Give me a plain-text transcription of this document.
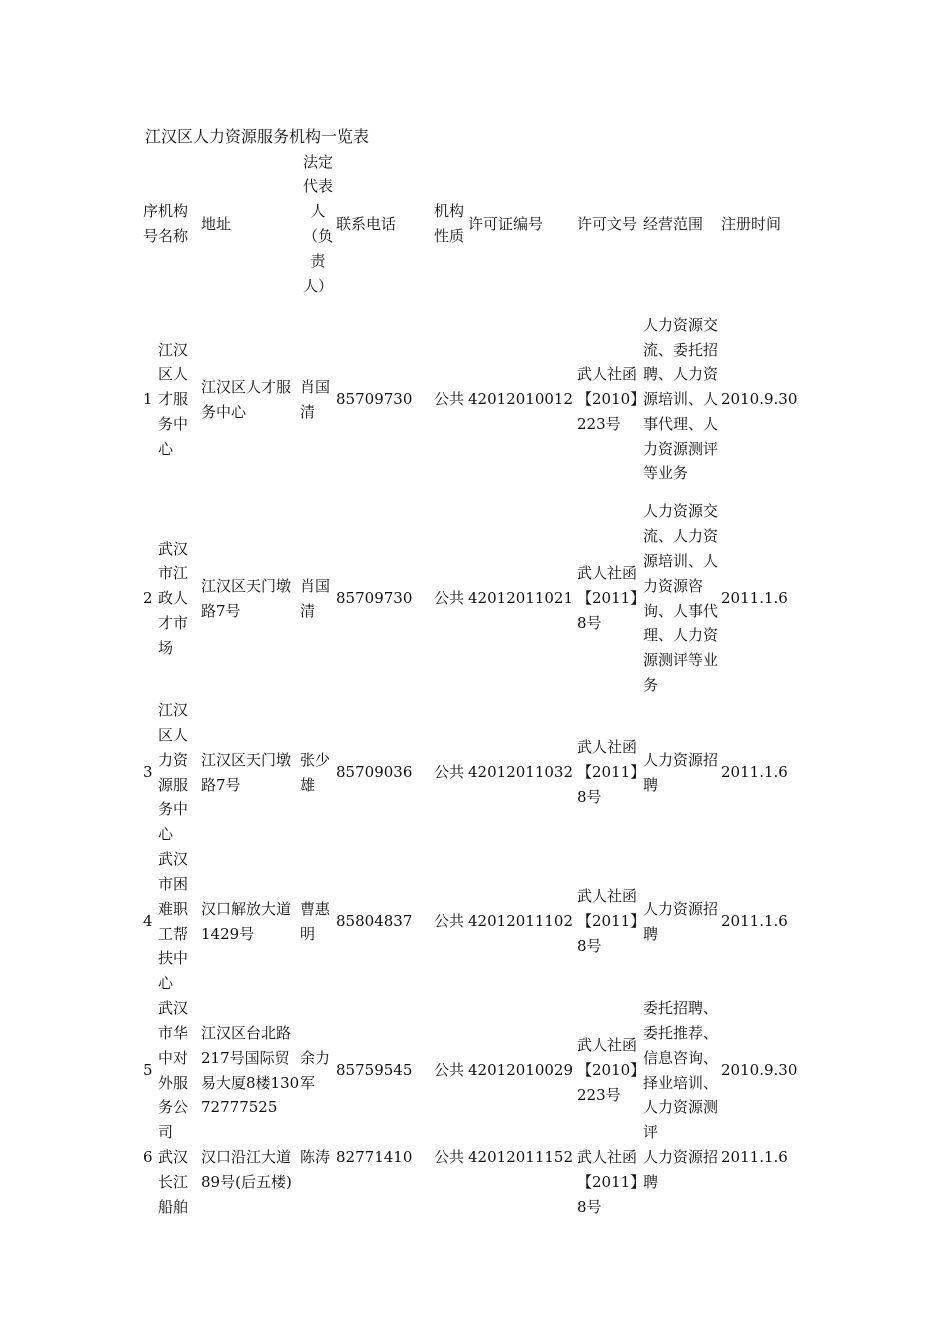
江汉区人力资源服务机构一览表
序号	机构名称	地址	法定代表人（负责人）	联系电话	机构性质	许可证编号	许可文号	经营范围	注册时间
1	江汉区人才服务中心	江汉区人才服务中心	肖国清	85709730	公共	42012010012	武人社函【2010】223号	人力资源交流、委托招聘、人力资源培训、人事代理、人力资源测评等业务	2010.9.30
2	武汉市江政人才市场	江汉区天门墩路7号	肖国清	85709730	公共	42012011021	武人社函【2011】8号	人力资源交流、人力资源培训、人力资源咨询、人事代理、人力资源测评等业务	2011.1.6
3	江汉区人力资源服务中心	江汉区天门墩路7号	张少雄	85709036	公共	42012011032	武人社函【2011】8号	人力资源招聘	2011.1.6
4	武汉市困难职工帮扶中心	汉口解放大道1429号	曹惠明	85804837	公共	42012011102	武人社函【2011】8号	人力资源招聘	2011.1.6
5	武汉市华中对外服务公司	江汉区台北路217号国际贸易大厦8楼13072777525	余力军	85759545	公共	42012010029	武人社函【2010】223号	委托招聘、委托推荐、信息咨询、择业培训、人力资源测评	2010.9.30
6	武汉长江船舶	汉口沿江大道89号(后五楼)	陈涛	82771410	公共	42012011152	武人社函【2011】8号	人力资源招聘	2011.1.6
